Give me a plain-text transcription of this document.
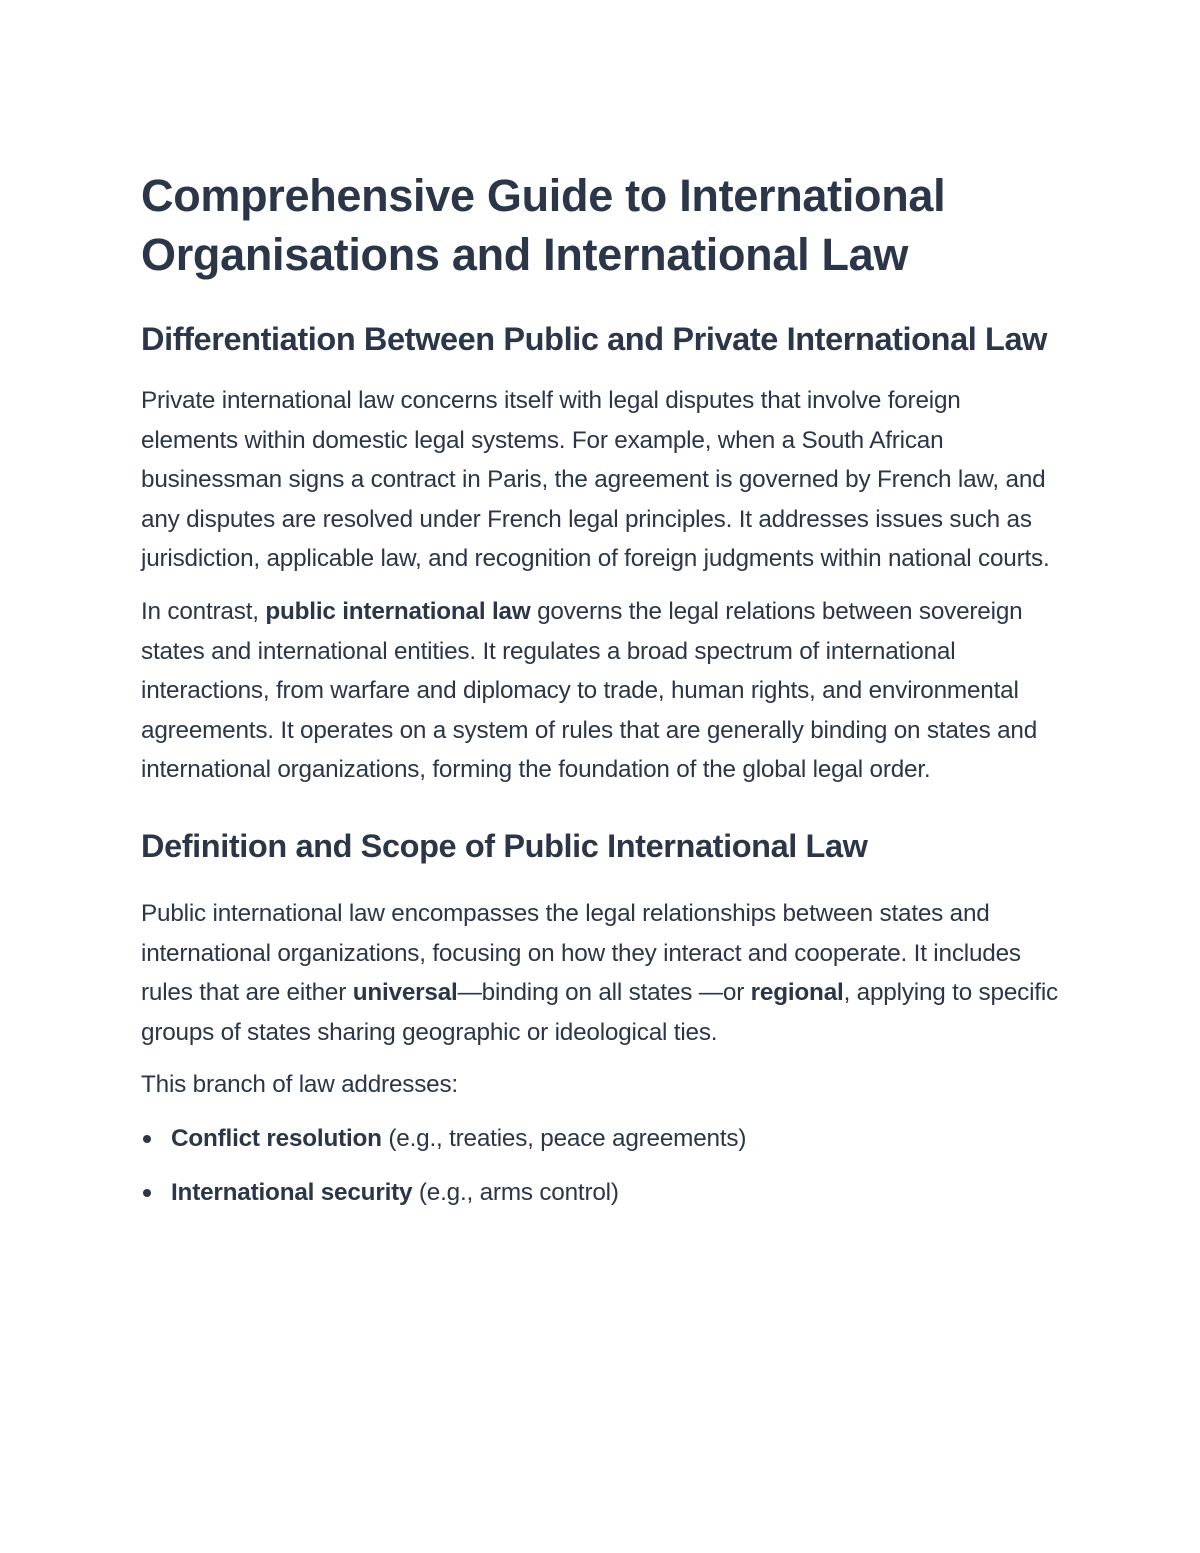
Comprehensive Guide to International Organisations and International Law
Differentiation Between Public and Private International Law

Private international law concerns itself with legal disputes that involve foreign elements within domestic legal systems. For example, when a South African businessman signs a contract in Paris, the agreement is governed by French law, and any disputes are resolved under French legal principles. It addresses issues such as jurisdiction, applicable law, and recognition of foreign judgments within national courts.

In contrast, public international law governs the legal relations between sovereign states and international entities. It regulates a broad spectrum of international interactions, from warfare and diplomacy to trade, human rights, and environmental agreements. It operates on a system of rules that are generally binding on states and international organizations, forming the foundation of the global legal order.

Definition and Scope of Public International Law

Public international law encompasses the legal relationships between states and international organizations, focusing on how they interact and cooperate. It includes rules that are either universal—binding on all states —or regional, applying to specific groups of states sharing geographic or ideological ties.

This branch of law addresses:

Conflict resolution (e.g., treaties, peace agreements)
International security (e.g., arms control)
